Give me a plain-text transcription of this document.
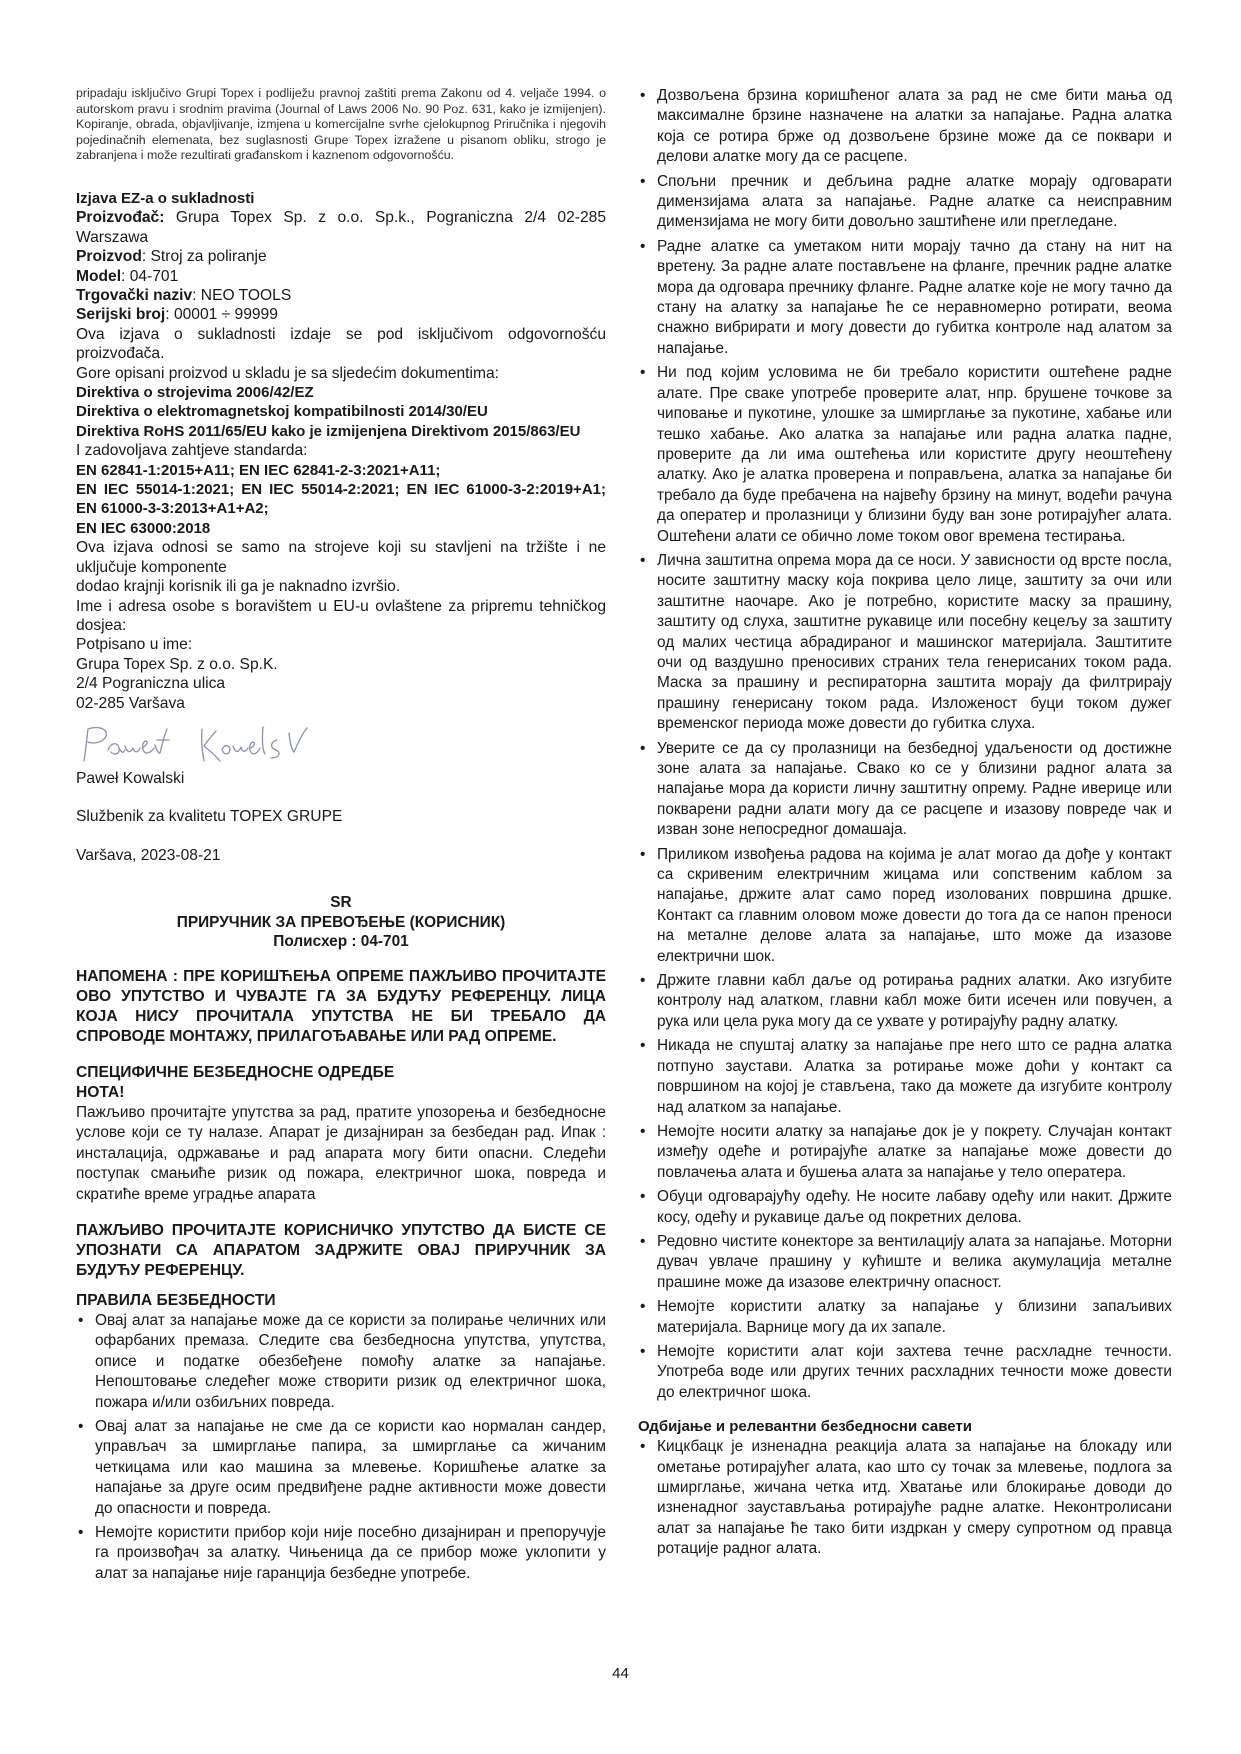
pripadaju isključivo Grupi Topex i podliježu pravnoj zaštiti prema Zakonu od 4. veljače 1994. o autorskom pravu i srodnim pravima (Journal of Laws 2006 No. 90 Poz. 631, kako je izmijenjen). Kopiranje, obrada, objavljivanje, izmjena u komercijalne svrhe cjelokupnog Priručnika i njegovih pojedinačnih elemenata, bez suglasnosti Grupe Topex izražene u pisanom obliku, strogo je zabranjena i može rezultirati građanskom i kaznenom odgovornošću.

Izjava EZ-a o sukladnosti

Proizvođač: Grupa Topex Sp. z o.o. Sp.k., Pograniczna 2/4 02-285 Warszawa

Proizvod: Stroj za poliranje

Model: 04-701

Trgovački naziv: NEO TOOLS

Serijski broj: 00001 ÷ 99999

Ova izjava o sukladnosti izdaje se pod isključivom odgovornošću proizvođača.

Gore opisani proizvod u skladu je sa sljedećim dokumentima:

Direktiva o strojevima 2006/42/EZ

Direktiva o elektromagnetskoj kompatibilnosti 2014/30/EU

Direktiva RoHS 2011/65/EU kako je izmijenjena Direktivom 2015/863/EU

I zadovoljava zahtjeve standarda:

EN 62841-1:2015+A11; EN IEC 62841-2-3:2021+A11;

EN IEC 55014-1:2021; EN IEC 55014-2:2021; EN IEC 61000-3-2:2019+A1; EN 61000-3-3:2013+A1+A2;

EN IEC 63000:2018

Ova izjava odnosi se samo na strojeve koji su stavljeni na tržište i ne uključuje komponente

dodao krajnji korisnik ili ga je naknadno izvršio.

Ime i adresa osobe s boravištem u EU-u ovlaštene za pripremu tehničkog dosjea:

Potpisano u ime:

Grupa Topex Sp. z o.o. Sp.K.

2/4 Pograniczna ulica

02-285 Varšava

Paweł Kowalski

Službenik za kvalitetu TOPEX GRUPE

Varšava, 2023-08-21

SR

ПРИРУЧНИК ЗА ПРЕВОЂЕЊЕ (КОРИСНИК)

Полисхер : 04-701

НАПОМЕНА : ПРЕ КОРИШЋЕЊА ОПРЕМЕ ПАЖЉИВО ПРОЧИТАЈТЕ ОВО УПУТСТВО И ЧУВАЈТЕ ГА ЗА БУДУЋУ РЕФЕРЕНЦУ. ЛИЦА КОЈА НИСУ ПРОЧИТАЛА УПУТСТВА НЕ БИ ТРЕБАЛО ДА СПРОВОДЕ МОНТАЖУ, ПРИЛАГОЂАВАЊЕ ИЛИ РАД ОПРЕМЕ.

СПЕЦИФИЧНЕ БЕЗБЕДНОСНЕ ОДРЕДБЕ

НОТА!

Пажљиво прочитајте упутства за рад, пратите упозорења и безбедносне услове који се ту налазе. Апарат је дизајниран за безбедан рад. Ипак : инсталација, одржавање и рад апарата могу бити опасни. Следећи поступак смањиће ризик од пожара, електричног шока, повреда и скратиће време уградње апарата

ПАЖЉИВО ПРОЧИТАЈТЕ КОРИСНИЧКО УПУТСТВО ДА БИСТЕ СЕ УПОЗНАТИ СА АПАРАТОМ ЗАДРЖИТЕ ОВАЈ ПРИРУЧНИК ЗА БУДУЋУ РЕФЕРЕНЦУ.

ПРАВИЛА БЕЗБЕДНОСТИ

• Овај алат за напајање може да се користи за полирање челичних или офарбаних премаза. Следите сва безбедносна упутства, упутства, описе и податке обезбеђене помоћу алатке за напајање. Непоштовање следећег може створити ризик од електричног шока, пожара и/или озбиљних повреда.
• Овај алат за напајање не сме да се користи као нормалан сандер, управљач за шмирглање папира, за шмирглање са жичаним четкицама или као машина за млевење. Коришћење алатке за напајање за друге осим предвиђене радне активности може довести до опасности и повреда.
• Немојте користити прибор који није посебно дизајниран и препоручује га произвођач за алатку. Чињеница да се прибор може уклопити у алат за напајање није гаранција безбедне употребе.
• Дозвољена брзина коришћеног алата за рад не сме бити мања од максималне брзине назначене на алатки за напајање. Радна алатка која се ротира брже од дозвољене брзине може да се поквари и делови алатке могу да се расцепе.
• Спољни пречник и дебљина радне алатке морају одговарати димензијама алата за напајање. Радне алатке са неисправним димензијама не могу бити довољно заштићене или прегледане.
• Радне алатке са уметаком нити морају тачно да стану на нит на вретену. За радне алате постављене на фланге, пречник радне алатке мора да одговара пречнику фланге. Радне алатке које не могу тачно да стану на алатку за напајање ће се неравномерно ротирати, веома снажно вибрирати и могу довести до губитка контроле над алатом за напајање.
• Ни под којим условима не би требало користити оштећене радне алате. Пре сваке употребе проверите алат, нпр. брушене точкове за чиповање и пукотине, улошке за шмирглање за пукотине, хабање или тешко хабање. Ако алатка за напајање или радна алатка падне, проверите да ли има оштећења или користите другу неоштећену алатку. Ако је алатка проверена и поправљена, алатка за напајање би требало да буде пребачена на највећу брзину на минут, водећи рачуна да оператер и пролазници у близини буду ван зоне ротирајућег алата. Оштећени алати се обично ломе током овог времена тестирања.
• Лична заштитна опрема мора да се носи. У зависности од врсте посла, носите заштитну маску која покрива цело лице, заштиту за очи или заштитне наочаре. Ако је потребно, користите маску за прашину, заштиту од слуха, заштитне рукавице или посебну кецељу за заштиту од малих честица абрадираног и машинског материјала. Заштитите очи од ваздушно преносивих страних тела генерисаних током рада. Маска за прашину и респираторна заштита морају да филтрирају прашину генерисану током рада. Изложеност буци током дужег временског периода може довести до губитка слуха.
• Уверите се да су пролазници на безбедној удаљености од достижне зоне алата за напајање. Свако ко се у близини радног алата за напајање мора да користи личну заштитну опрему. Радне иверице или покварени радни алати могу да се расцепе и изазову повреде чак и изван зоне непосредног домашаја.
• Приликом извођења радова на којима је алат могао да дође у контакт са скривеним електричним жицама или сопственим каблом за напајање, држите алат само поред изолованих површина дршке. Контакт са главним оловом може довести до тога да се напон преноси на металне делове алата за напајање, што може да изазове електрични шок.
• Држите главни кабл даље од ротирања радних алатки. Ако изгубите контролу над алатком, главни кабл може бити исечен или повучен, а рука или цела рука могу да се ухвате у ротирајућу радну алатку.
• Никада не спуштај алатку за напајање пре него што се радна алатка потпуно заустави. Алатка за ротирање може доћи у контакт са површином на којој је стављена, тако да можете да изгубите контролу над алатком за напајање.
• Немојте носити алатку за напајање док је у покрету. Случајан контакт између одеће и ротирајуће алатке за напајање може довести до повлачења алата и бушења алата за напајање у тело оператера.
• Обуци одговарајућу одећу. Не носите лабаву одећу или накит. Држите косу, одећу и рукавице даље од покретних делова.
• Редовно чистите конекторе за вентилацију алата за напајање. Моторни дувач увлаче прашину у кућиште и велика акумулација металне прашине може да изазове електричну опасност.
• Немојте користити алатку за напајање у близини запаљивих материјала. Варнице могу да их запале.
• Немојте користити алат који захтева течне расхладне течности. Употреба воде или других течних расхладних течности може довести до електричног шока.

Одбијање и релевантни безбедносни савети

• Кицкбацк је изненадна реакција алата за напајање на блокаду или ометање ротирајућег алата, као што су точак за млевење, подлога за шмирглање, жичана четка итд. Хватање или блокирање доводи до изненадног заустављања ротирајуће радне алатке. Неконтролисани алат за напајање ће тако бити издркан у смеру супротном од правца ротације радног алата.
44
